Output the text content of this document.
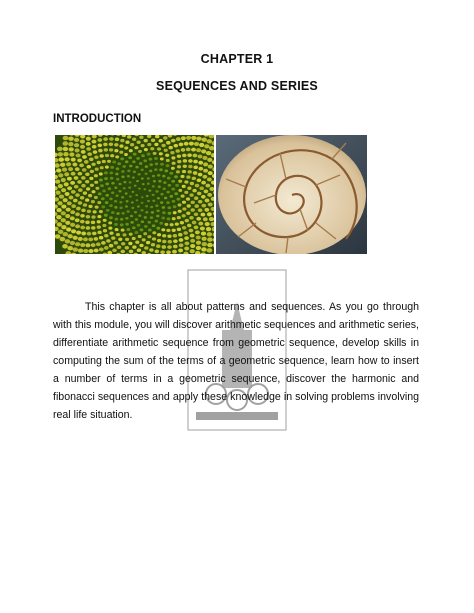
CHAPTER 1
SEQUENCES AND SERIES
INTRODUCTION

This chapter is all about patterns and sequences. As you go through with this module, you will discover arithmetic sequences and arithmetic series, differentiate arithmetic sequence from geometric sequence, develop skills in computing the sum of the terms of a geometric sequence, learn how to insert a number of terms in a geometric sequence, discover the harmonic and fibonacci sequences and apply these knowledge in solving problems involving real life situation.
